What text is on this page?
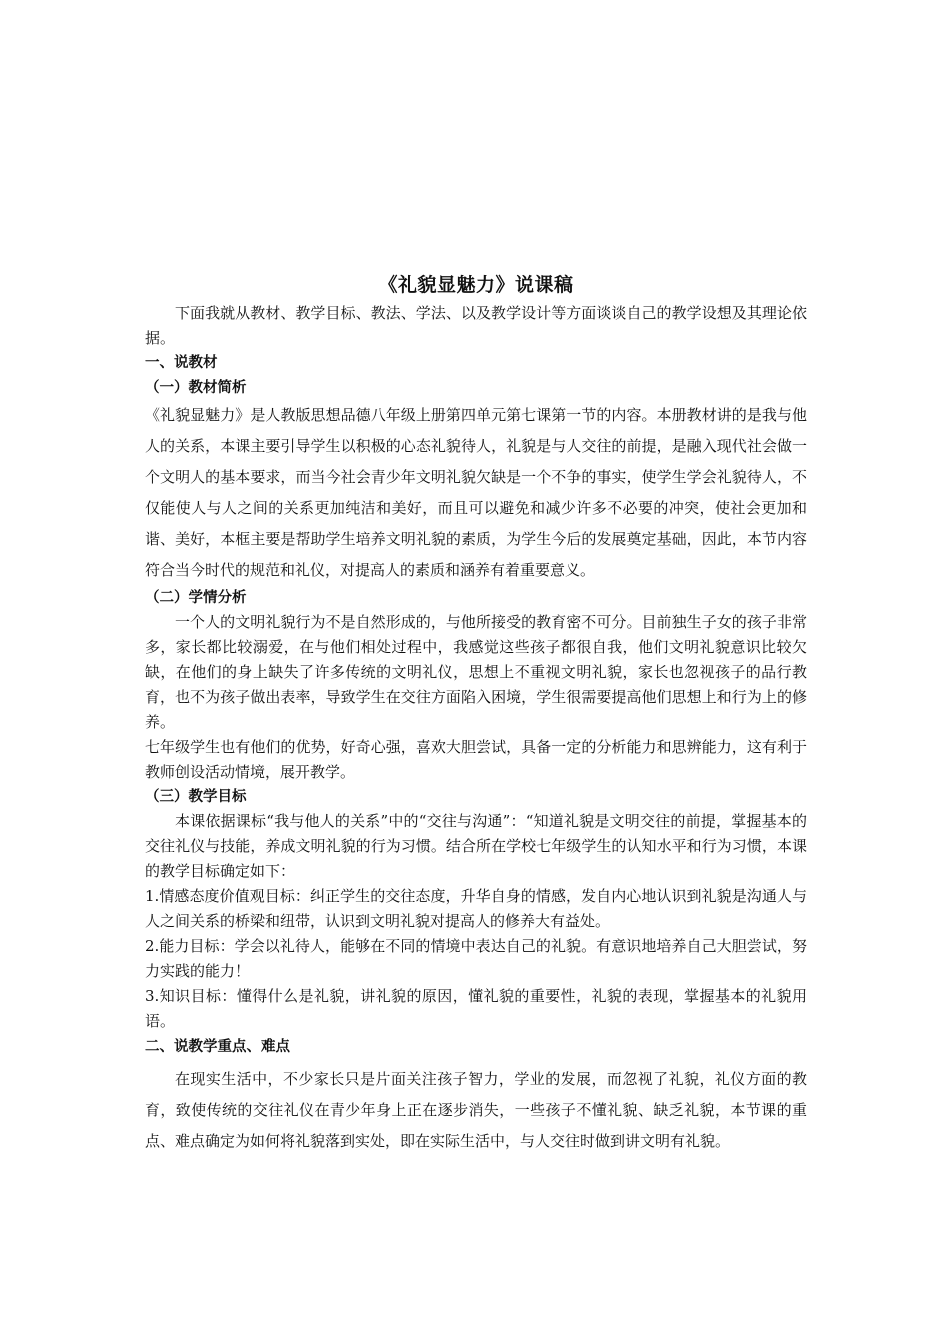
《礼貌显魅力》说课稿

下面我就从教材、教学目标、教法、学法、以及教学设计等方面谈谈自己的教学设想及其理论依据。

一、说教材
（一）教材简析

《礼貌显魅力》是人教版思想品德八年级上册第四单元第七课第一节的内容。本册教材讲的是我与他人的关系，本课主要引导学生以积极的心态礼貌待人，礼貌是与人交往的前提，是融入现代社会做一个文明人的基本要求，而当今社会青少年文明礼貌欠缺是一个不争的事实，使学生学会礼貌待人，不仅能使人与人之间的关系更加纯洁和美好，而且可以避免和减少许多不必要的冲突，使社会更加和谐、美好，本框主要是帮助学生培养文明礼貌的素质，为学生今后的发展奠定基础，因此，本节内容符合当今时代的规范和礼仪，对提高人的素质和涵养有着重要意义。

（二）学情分析

一个人的文明礼貌行为不是自然形成的，与他所接受的教育密不可分。目前独生子女的孩子非常多，家长都比较溺爱，在与他们相处过程中，我感觉这些孩子都很自我，他们文明礼貌意识比较欠缺，在他们的身上缺失了许多传统的文明礼仪，思想上不重视文明礼貌，家长也忽视孩子的品行教育，也不为孩子做出表率，导致学生在交往方面陷入困境，学生很需要提高他们思想上和行为上的修养。

七年级学生也有他们的优势，好奇心强，喜欢大胆尝试，具备一定的分析能力和思辨能力，这有利于教师创设活动情境，展开教学。

（三）教学目标

本课依据课标“我与他人的关系”中的“交往与沟通”：“知道礼貌是文明交往的前提，掌握基本的交往礼仪与技能，养成文明礼貌的行为习惯。结合所在学校七年级学生的认知水平和行为习惯，本课的教学目标确定如下：

1.情感态度价值观目标：纠正学生的交往态度，升华自身的情感，发自内心地认识到礼貌是沟通人与人之间关系的桥梁和纽带，认识到文明礼貌对提高人的修养大有益处。

2.能力目标：学会以礼待人，能够在不同的情境中表达自己的礼貌。有意识地培养自己大胆尝试，努力实践的能力！

3.知识目标：懂得什么是礼貌，讲礼貌的原因，懂礼貌的重要性，礼貌的表现，掌握基本的礼貌用语。

二、说教学重点、难点

在现实生活中，不少家长只是片面关注孩子智力，学业的发展，而忽视了礼貌，礼仪方面的教育，致使传统的交往礼仪在青少年身上正在逐步消失，一些孩子不懂礼貌、缺乏礼貌，本节课的重点、难点确定为如何将礼貌落到实处，即在实际生活中，与人交往时做到讲文明有礼貌。
